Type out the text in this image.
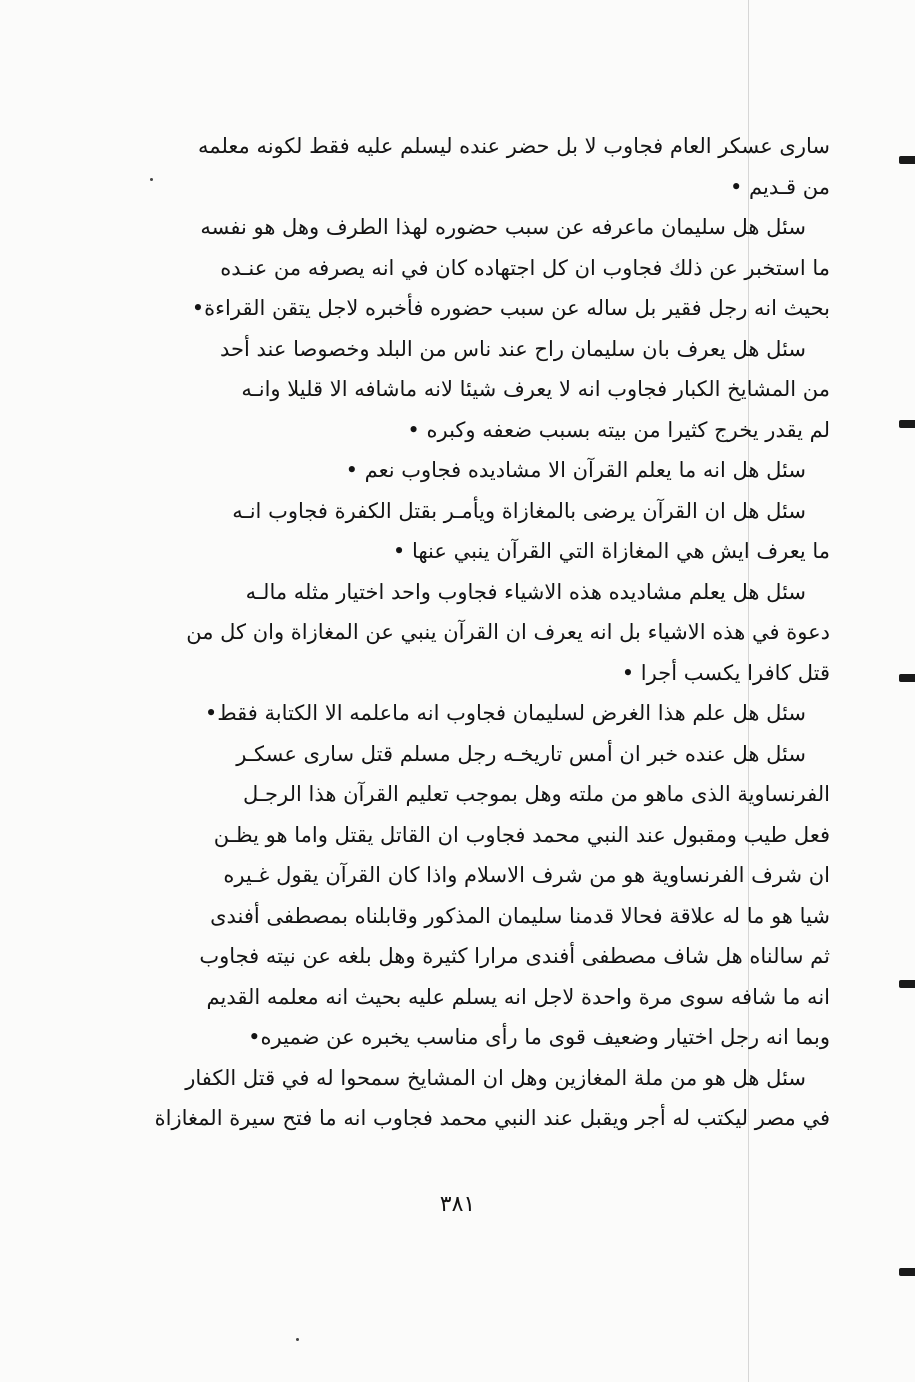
ساری عسكر العام فجاوب لا بل حضر عنده ليسلم عليه فقط لكونه معلمه
من قـديم •
سئل هل سليمان ماعرفه عن سبب حضوره لهذا الطرف وهل هو نفسه
ما استخبر عن ذلك فجاوب ان كل اجتهاده كان في انه يصرفه من عنـده
بحيث انه رجل فقير بل ساله عن سبب حضوره فأخبره لاجل يتقن القراءة•
سئل هل يعرف بان سليمان راح عند ناس من البلد وخصوصا عند أحد
من المشايخ الكبار فجاوب انه لا يعرف شيئا لانه ماشافه الا قليلا وانـه
لم يقدر يخرج كثيرا من بيته بسبب ضعفه وكبره •
سئل هل انه ما يعلم القرآن الا مشاديده فجاوب نعم •
سئل هل ان القرآن يرضى بالمغازاة ويأمـر بقتل الكفرة فجاوب انـه
ما يعرف ايش هي المغازاة التي القرآن ينبي عنها •
سئل هل يعلم مشاديده هذه الاشياء فجاوب واحد اختيار مثله مالـه
دعوة في هذه الاشياء بل انه يعرف ان القرآن ينبي عن المغازاة وان كل من
قتل كافرا يكسب أجرا •
سئل هل علم هذا الغرض لسليمان فجاوب انه ماعلمه الا الكتابة فقط•
سئل هل عنده خبر ان أمس تاريخـه رجل مسلم قتل ساری عسكـر
الفرنساوية الذی ماهو من ملته وهل بموجب تعليم القرآن هذا الرجـل
فعل طيب ومقبول عند النبي محمد فجاوب ان القاتل يقتل واما هو يظـن
ان شرف الفرنساوية هو من شرف الاسلام واذا كان القرآن يقول غـيره
شيا هو ما له علاقة فحالا قدمنا سليمان المذكور وقابلناه بمصطفى أفندی
ثم سالناه هل شاف مصطفى أفندی مرارا كثيرة وهل بلغه عن نيته فجاوب
انه ما شافه سوى مرة واحدة لاجل انه يسلم عليه بحيث انه معلمه القديم
وبما انه رجل اختيار وضعيف قوى ما رأى مناسب يخبره عن ضميره•
سئل هل هو من ملة المغازين وهل ان المشايخ سمحوا له في قتل الكفار
في مصر ليكتب له أجر ويقبل عند النبي محمد فجاوب انه ما فتح سيرة المغازاة
٣٨١
